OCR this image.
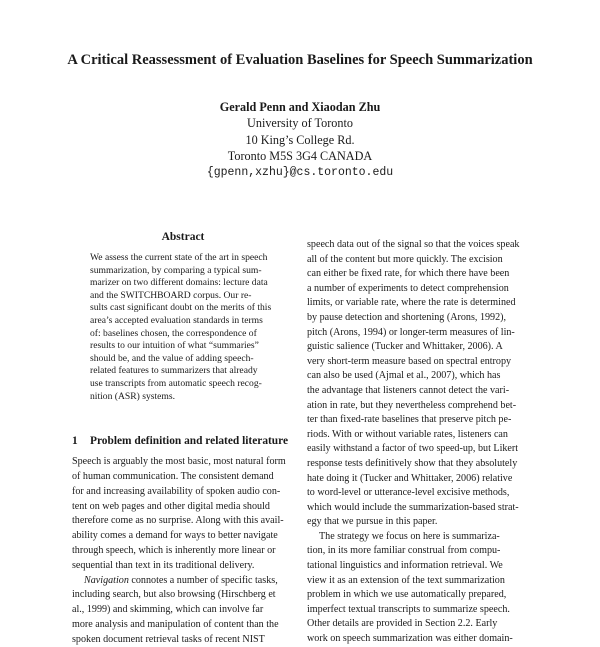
A Critical Reassessment of Evaluation Baselines for Speech Summarization
Gerald Penn and Xiaodan Zhu
University of Toronto
10 King’s College Rd.
Toronto M5S 3G4 CANADA
{gpenn,xzhu}@cs.toronto.edu
Abstract

We assess the current state of the art in speech
summarization, by comparing a typical sum-
marizer on two different domains: lecture data
and the SWITCHBOARD corpus. Our re-
sults cast significant doubt on the merits of this
area’s accepted evaluation standards in terms
of: baselines chosen, the correspondence of
results to our intuition of what “summaries”
should be, and the value of adding speech-
related features to summarizers that already
use transcripts from automatic speech recog-
nition (ASR) systems.

1 Problem definition and related literature

Speech is arguably the most basic, most natural form
of human communication. The consistent demand
for and increasing availability of spoken audio con-
tent on web pages and other digital media should
therefore come as no surprise. Along with this avail-
ability comes a demand for ways to better navigate
through speech, which is inherently more linear or
sequential than text in its traditional delivery.

Navigation connotes a number of specific tasks,
including search, but also browsing (Hirschberg et
al., 1999) and skimming, which can involve far
more analysis and manipulation of content than the
spoken document retrieval tasks of recent NIST

speech data out of the signal so that the voices speak
all of the content but more quickly. The excision
can either be fixed rate, for which there have been
a number of experiments to detect comprehension
limits, or variable rate, where the rate is determined
by pause detection and shortening (Arons, 1992),
pitch (Arons, 1994) or longer-term measures of lin-
guistic salience (Tucker and Whittaker, 2006). A
very short-term measure based on spectral entropy
can also be used (Ajmal et al., 2007), which has
the advantage that listeners cannot detect the vari-
ation in rate, but they nevertheless comprehend bet-
ter than fixed-rate baselines that preserve pitch pe-
riods. With or without variable rates, listeners can
easily withstand a factor of two speed-up, but Likert
response tests definitively show that they absolutely
hate doing it (Tucker and Whittaker, 2006) relative
to word-level or utterance-level excisive methods,
which would include the summarization-based strat-
egy that we pursue in this paper.

The strategy we focus on here is summariza-
tion, in its more familiar construal from compu-
tational linguistics and information retrieval. We
view it as an extension of the text summarization
problem in which we use automatically prepared,
imperfect textual transcripts to summarize speech.
Other details are provided in Section 2.2. Early
work on speech summarization was either domain-
